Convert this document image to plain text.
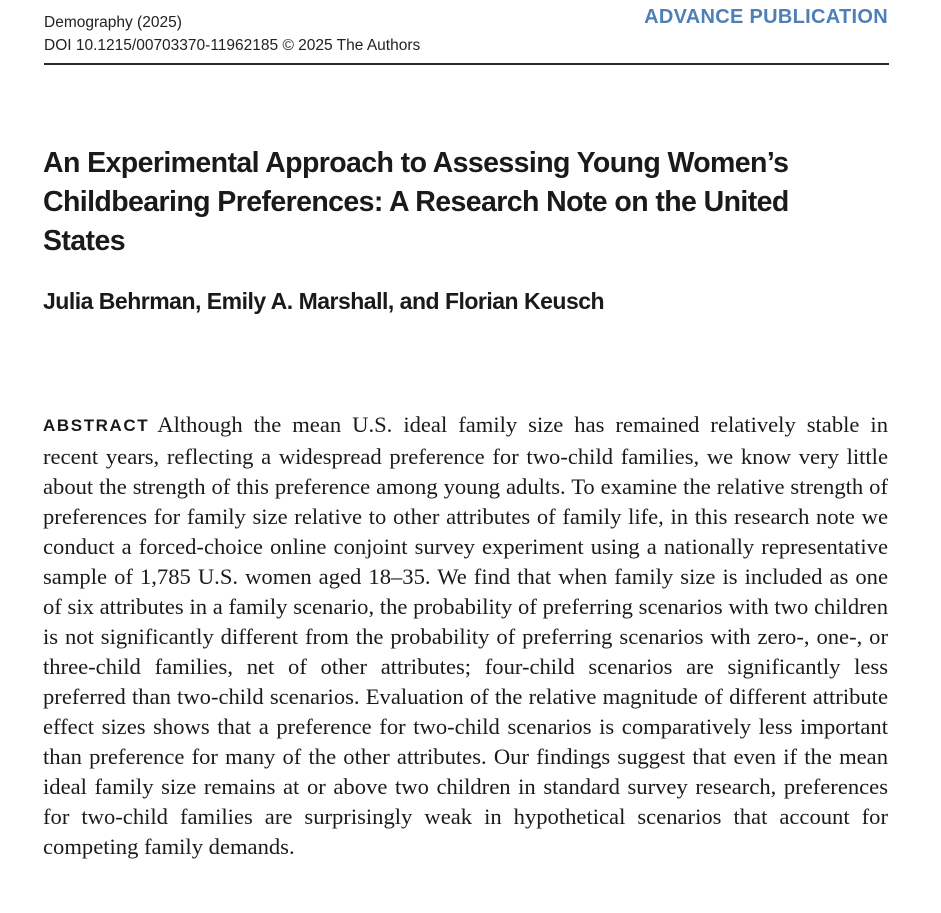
Demography (2025)
DOI 10.1215/00703370-11962185 © 2025 The Authors
ADVANCE PUBLICATION
An Experimental Approach to Assessing Young Women’s Childbearing Preferences: A Research Note on the United States
Julia Behrman, Emily A. Marshall, and Florian Keusch

ABSTRACT Although the mean U.S. ideal family size has remained relatively stable in recent years, reflecting a widespread preference for two-child families, we know very little about the strength of this preference among young adults. To examine the relative strength of preferences for family size relative to other attributes of family life, in this research note we conduct a forced-choice online conjoint survey experiment using a nationally representative sample of 1,785 U.S. women aged 18–35. We find that when family size is included as one of six attributes in a family scenario, the probability of preferring scenarios with two children is not significantly different from the probability of preferring scenarios with zero-, one-, or three-child families, net of other attributes; four-child scenarios are significantly less preferred than two-child scenarios. Evaluation of the relative magnitude of different attribute effect sizes shows that a preference for two-child scenarios is comparatively less important than preference for many of the other attributes. Our findings suggest that even if the mean ideal family size remains at or above two children in standard survey research, preferences for two-child families are surprisingly weak in hypothetical scenarios that account for competing family demands.
